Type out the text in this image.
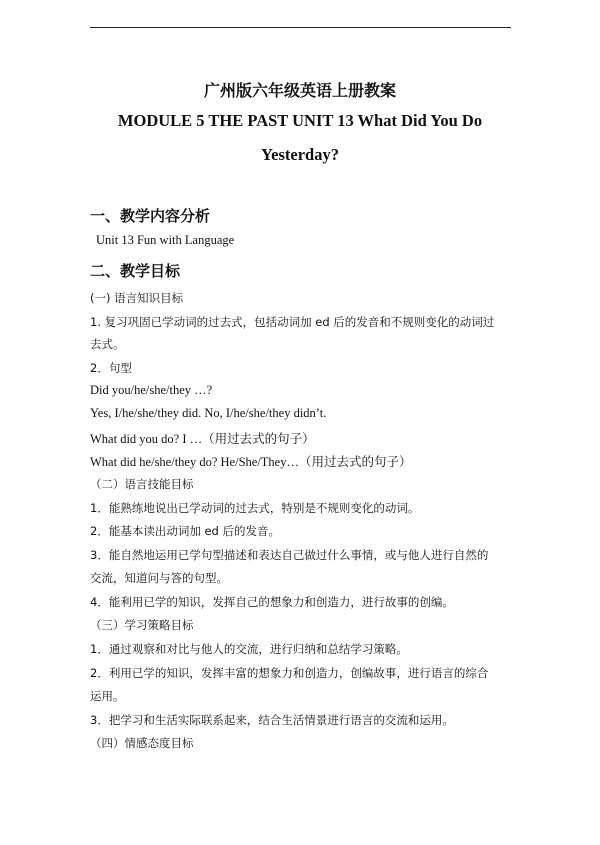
广州版六年级英语上册教案
MODULE 5 THE PAST UNIT 13 What Did You Do
Yesterday?
一、教学内容分析
Unit 13 Fun with Language
二、教学目标
(一) 语言知识目标
1. 复习巩固已学动词的过去式，包括动词加 ed 后的发音和不规则变化的动词过
去式。
2．句型
Did you/he/she/they …?
Yes, I/he/she/they did. No, I/he/she/they didn’t.
What did you do? I …（用过去式的句子）
What did he/she/they do? He/She/They…（用过去式的句子）
（二）语言技能目标
1．能熟练地说出已学动词的过去式，特别是不规则变化的动词。
2．能基本读出动词加 ed 后的发音。
3．能自然地运用已学句型描述和表达自己做过什么事情，或与他人进行自然的
交流，知道问与答的句型。
4．能利用已学的知识，发挥自己的想象力和创造力，进行故事的创编。
（三）学习策略目标
1．通过观察和对比与他人的交流，进行归纳和总结学习策略。
2．利用已学的知识，发挥丰富的想象力和创造力，创编故事，进行语言的综合
运用。
3．把学习和生活实际联系起来，结合生活情景进行语言的交流和运用。
（四）情感态度目标
